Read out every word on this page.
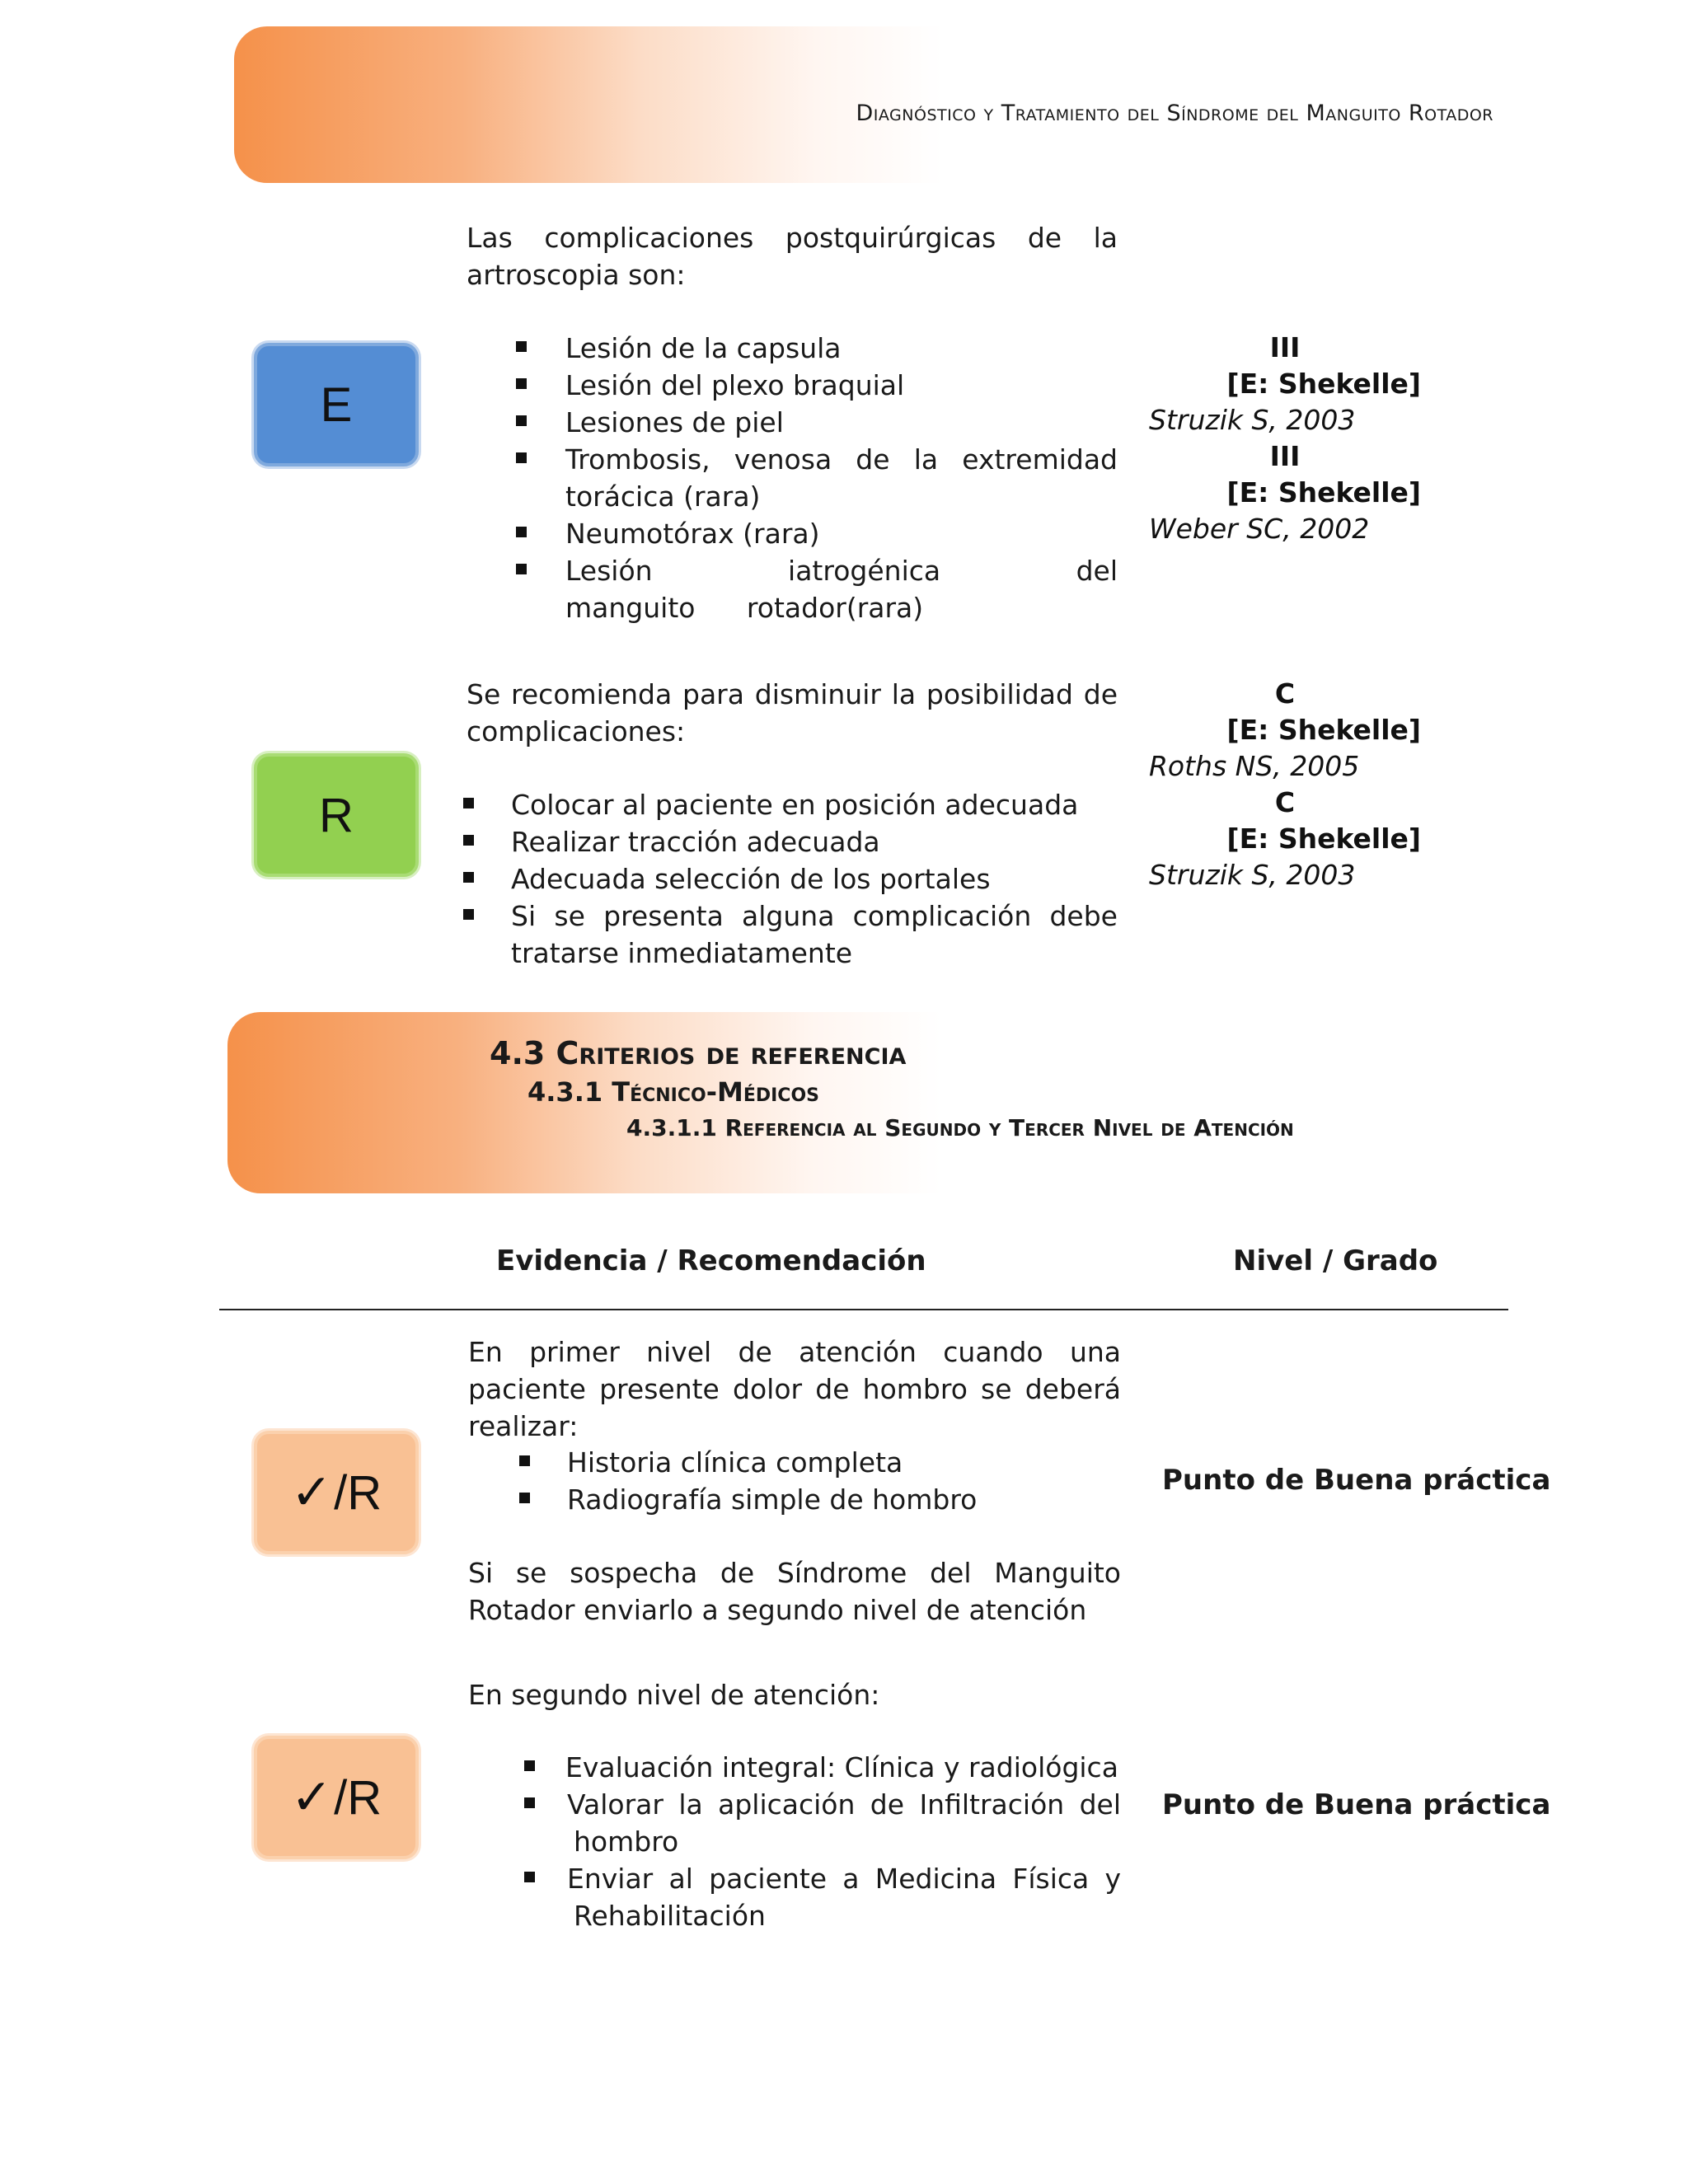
Diagnóstico y Tratamiento del Síndrome del Manguito Rotador
E
Las complicaciones postquirúrgicas de la artroscopia son:
Lesión de la capsula
Lesión del plexo braquial
Lesiones de piel
Trombosis, venosa de la extremidad torácica (rara)
Neumotórax (rara)
Lesión iatrogénica del manguito rotador(rara)
III
[E: Shekelle]
Struzik S, 2003
III
[E: Shekelle]
Weber SC, 2002
R
Se recomienda para disminuir la posibilidad de complicaciones:
Colocar al paciente en posición adecuada
Realizar tracción adecuada
Adecuada selección de los portales
Si se presenta alguna complicación debe tratarse inmediatamente
C
[E: Shekelle]
Roths NS, 2005
C
[E: Shekelle]
Struzik S, 2003
4.3 Criterios de referencia
4.3.1 Técnico-Médicos
4.3.1.1 Referencia al Segundo y Tercer Nivel de Atención
Evidencia / Recomendación	Nivel / Grado
✓ /R
En primer nivel de atención cuando una paciente presente dolor de hombro se deberá realizar:
Historia clínica completa
Radiografía simple de hombro
Si se sospecha de Síndrome del Manguito Rotador enviarlo a segundo nivel de atención
Punto de Buena práctica
✓ /R
En segundo nivel de atención:
Evaluación integral: Clínica y radiológica
Valorar la aplicación de Infiltración del hombro
Enviar al paciente a Medicina Física y Rehabilitación
Punto de Buena práctica
